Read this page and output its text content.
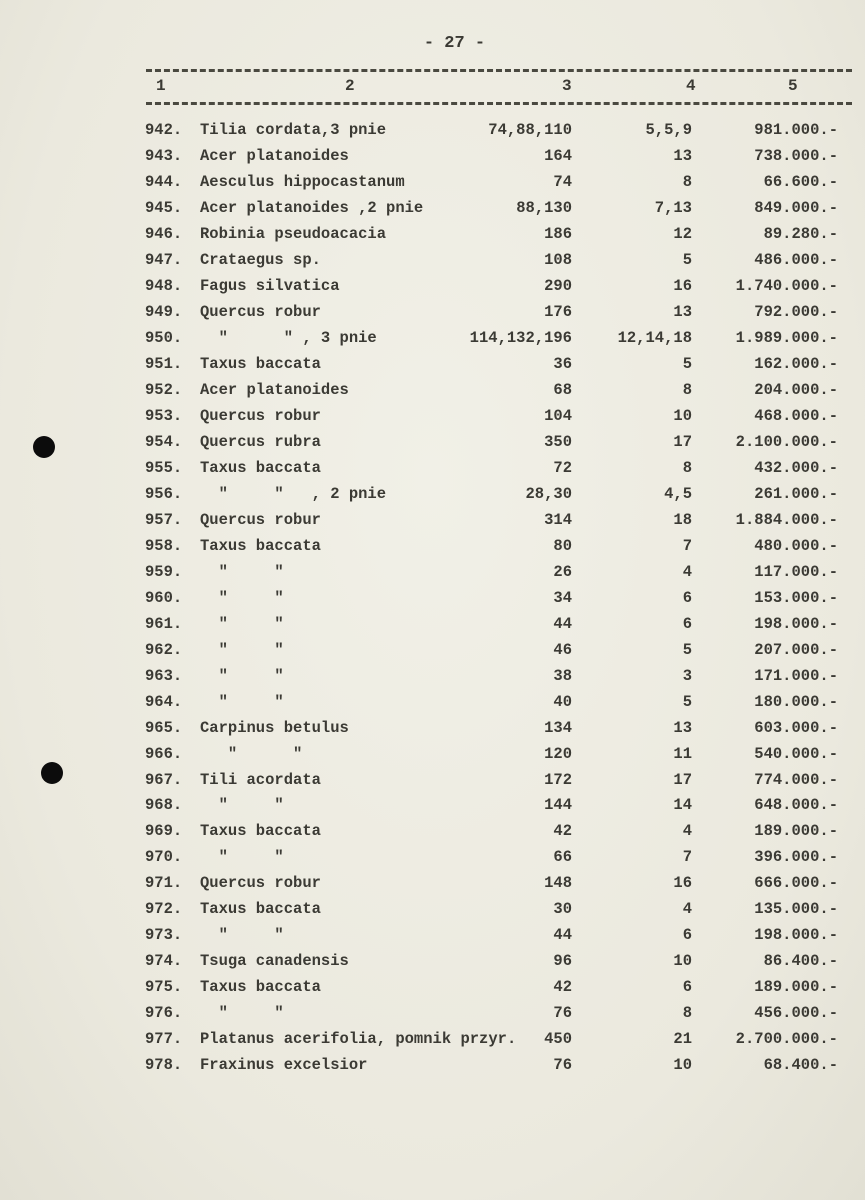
- 27 -
1	2	3	4	5
942. Tilia cordata,3 pnie	74,88,110	5,5,9	981.000.-
943. Acer platanoides	164	13	738.000.-
944. Aesculus hippocastanum	74	8	66.600.-
945. Acer platanoides ,2 pnie	88,130	7,13	849.000.-
946. Robinia pseudoacacia	186	12	89.280.-
947. Crataegus sp.	108	5	486.000.-
948. Fagus silvatica	290	16	1.740.000.-
949. Quercus robur	176	13	792.000.-
950. "      " , 3 pnie	114,132,196	12,14,18	1.989.000.-
951. Taxus baccata	36	5	162.000.-
952. Acer platanoides	68	8	204.000.-
953. Quercus robur	104	10	468.000.-
954. Quercus rubra	350	17	2.100.000.-
955. Taxus baccata	72	8	432.000.-
956. "     "   , 2 pnie	28,30	4,5	261.000.-
957. Quercus robur	314	18	1.884.000.-
958. Taxus baccata	80	7	480.000.-
959. "     "	26	4	117.000.-
960. "     "	34	6	153.000.-
961. "     "	44	6	198.000.-
962. "     "	46	5	207.000.-
963. "     "	38	3	171.000.-
964. "     "	40	5	180.000.-
965. Carpinus betulus	134	13	603.000.-
966. "      "	120	11	540.000.-
967. Tili acordata	172	17	774.000.-
968. "     "	144	14	648.000.-
969. Taxus baccata	42	4	189.000.-
970. "     "	66	7	396.000.-
971. Quercus robur	148	16	666.000.-
972. Taxus baccata	30	4	135.000.-
973. "     "	44	6	198.000.-
974. Tsuga canadensis	96	10	86.400.-
975. Taxus baccata	42	6	189.000.-
976. "     "	76	8	456.000.-
977. Platanus acerifolia, pomnik przyr. 450	21	2.700.000.-
978. Fraxinus excelsior	76	10	68.400.-
